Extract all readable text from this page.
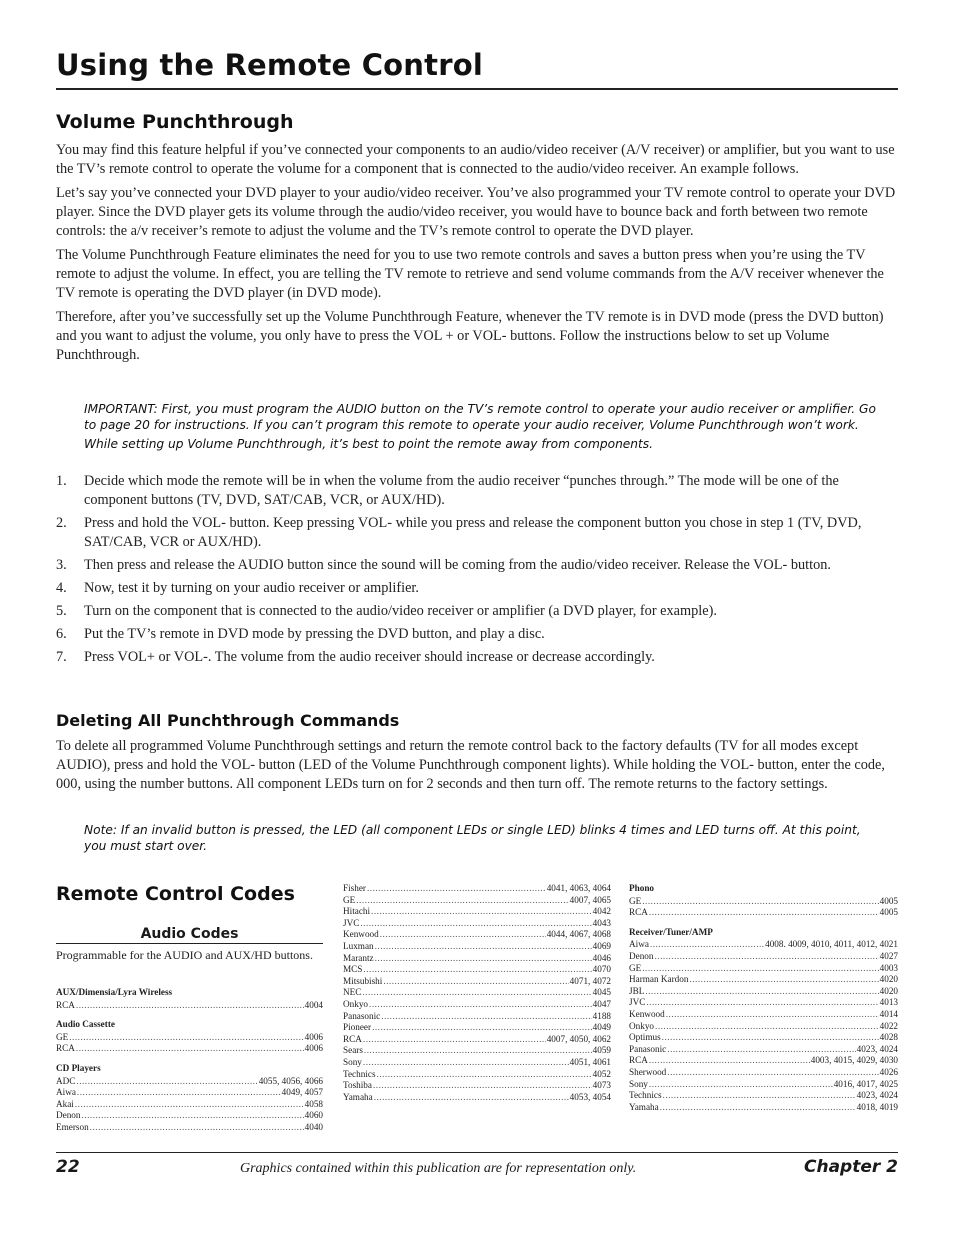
Using the Remote Control
Volume Punchthrough

You may find this feature helpful if you’ve connected your components to an audio/video receiver (A/V receiver) or amplifier, but you want to use the TV’s remote control to operate the volume for a component that is connected to the audio/video receiver. An example follows.

Let’s say you’ve connected your DVD player to your audio/video receiver. You’ve also programmed your TV remote control to operate your DVD player. Since the DVD player gets its volume through the audio/video receiver, you would have to bounce back and forth between two remote controls: the a/v receiver’s remote to adjust the volume and the TV’s remote control to operate the DVD player.

The Volume Punchthrough Feature eliminates the need for you to use two remote controls and saves a button press when you’re using the TV remote to adjust the volume. In effect, you are telling the TV remote to retrieve and send volume commands from the A/V receiver whenever the TV remote is operating the DVD player (in DVD mode).

Therefore, after you’ve successfully set up the Volume Punchthrough Feature, whenever the TV remote is in DVD mode (press the DVD button) and you want to adjust the volume, you only have to press the VOL + or VOL- buttons. Follow the instructions below to set up Volume Punchthrough.

IMPORTANT: First, you must program the AUDIO button on the TV’s remote control to operate your audio receiver or amplifier. Go to page 20 for instructions. If you can’t program this remote to operate your audio receiver, Volume Punchthrough won’t work.

While setting up Volume Punchthrough, it’s best to point the remote away from components.

1. Decide which mode the remote will be in when the volume from the audio receiver “punches through.” The mode will be one of the component buttons (TV, DVD, SAT/CAB, VCR, or AUX/HD).
2. Press and hold the VOL- button. Keep pressing VOL- while you press and release the component button you chose in step 1 (TV, DVD, SAT/CAB, VCR or AUX/HD).
3. Then press and release the AUDIO button since the sound will be coming from the audio/video receiver. Release the VOL- button.
4. Now, test it by turning on your audio receiver or amplifier.
5. Turn on the component that is connected to the audio/video receiver or amplifier (a DVD player, for example).
6. Put the TV’s remote in DVD mode by pressing the DVD button, and play a disc.
7. Press VOL+ or VOL-. The volume from the audio receiver should increase or decrease accordingly.
Deleting All Punchthrough Commands

To delete all programmed Volume Punchthrough settings and return the remote control back to the factory defaults (TV for all modes except AUDIO), press and hold the VOL- button (LED of the Volume Punchthrough component lights). While holding the VOL- button, enter the code, 000, using the number buttons. All component LEDs turn on for 2 seconds and then turn off. The remote returns to the factory settings.

Note: If an invalid button is pressed, the LED (all component LEDs or single LED) blinks 4 times and LED turns off. At this point, you must start over.

Remote Control Codes
Audio Codes
Programmable for the AUDIO and AUX/HD buttons.
AUX/Dimensia/Lyra Wireless
RCA .....	4004
Audio Cassette
GE .....	4006
RCA .....	4006
CD Players
ADC .....	4055, 4056, 4066
Aiwa .....	4049, 4057
Akai .....	4058
Denon .....	4060
Emerson .....	4040
Fisher .....	4041, 4063, 4064
GE .....	4007, 4065
Hitachi .....	4042
JVC .....	4043
Kenwood .....	4044, 4067, 4068
Luxman .....	4069
Marantz .....	4046
MCS .....	4070
Mitsubishi .....	4071, 4072
NEC .....	4045
Onkyo .....	4047
Panasonic .....	4188
Pioneer .....	4049
RCA .....	4007, 4050, 4062
Sears .....	4059
Sony .....	4051, 4061
Technics .....	4052
Toshiba .....	4073
Yamaha .....	4053, 4054
Phono
GE .....	4005
RCA .....	4005
Receiver/Tuner/AMP
Aiwa .....	4008. 4009, 4010, 4011, 4012, 4021
Denon .....	4027
GE .....	4003
Harman Kardon .....	4020
JBL .....	4020
JVC .....	4013
Kenwood .....	4014
Onkyo .....	4022
Optimus .....	4028
Panasonic .....	4023, 4024
RCA .....	4003, 4015, 4029, 4030
Sherwood .....	4026
Sony .....	4016, 4017, 4025
Technics .....	4023, 4024
Yamaha .....	4018, 4019
22	Graphics contained within this publication are for representation only.	Chapter 2
